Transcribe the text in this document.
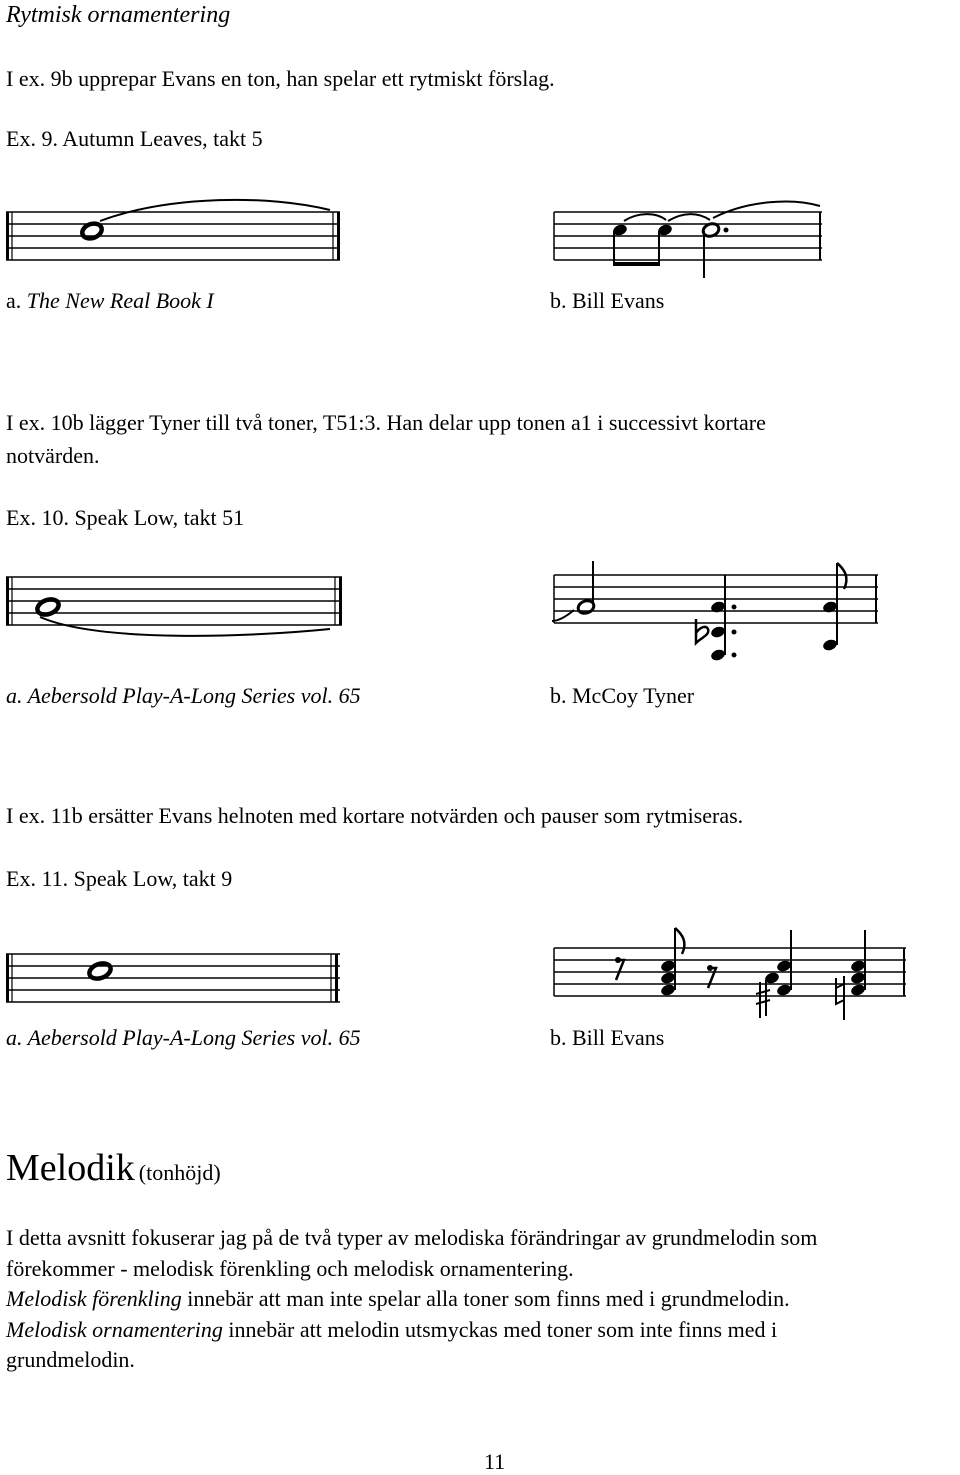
Rytmisk ornamentering
I ex. 9b upprepar Evans en ton, han spelar ett rytmiskt förslag.
Ex. 9. Autumn Leaves, takt 5
a. The New Real Book I	b. Bill Evans
I ex. 10b lägger Tyner till två toner, T51:3. Han delar upp tonen a1 i successivt kortare
notvärden.
Ex. 10. Speak Low, takt 51
a. Aebersold Play-A-Long Series vol. 65	b. McCoy Tyner
I ex. 11b ersätter Evans helnoten med kortare notvärden och pauser som rytmiseras.
Ex. 11. Speak Low, takt 9
a. Aebersold Play-A-Long Series vol. 65	b. Bill Evans
Melodik (tonhöjd)
I detta avsnitt fokuserar jag på de två typer av melodiska förändringar av grundmelodin som
förekommer - melodisk förenkling och melodisk ornamentering.
Melodisk förenkling innebär att man inte spelar alla toner som finns med i grundmelodin.
Melodisk ornamentering innebär att melodin utsmyckas med toner som inte finns med i
grundmelodin.
11
